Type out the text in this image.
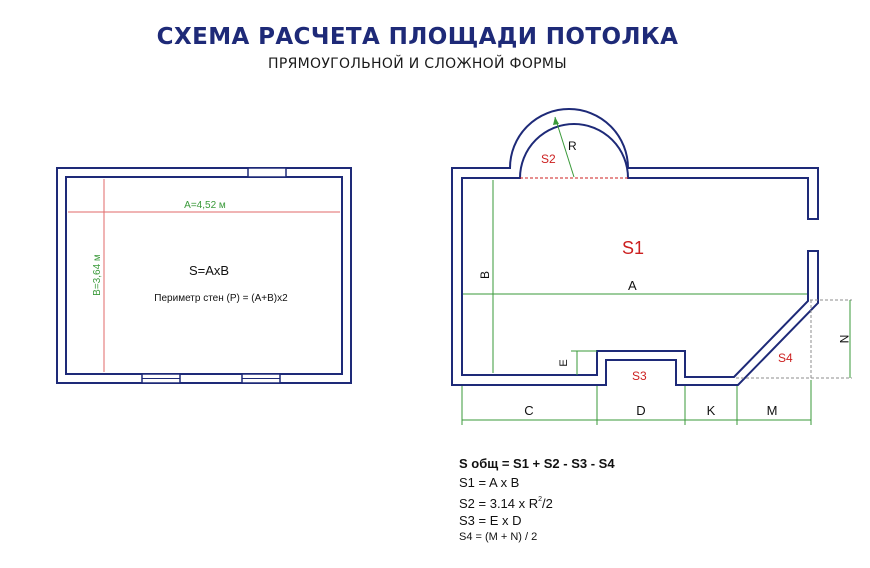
СХЕМА РАСЧЕТА ПЛОЩАДИ ПОТОЛКА
ПРЯМОУГОЛЬНОЙ И СЛОЖНОЙ ФОРМЫ
A=4,52 м
B=3,64 м	S=AxB
Периметр стен (P) = (A+B)x2
R
S2
S1
A
B
E
S3
S4
N
C	D	K	M
S общ = S1 + S2 - S3 - S4
S1 = A x B
S2 = 3.14 x $R^2/2$
S3 = E x D
S4 = (M + N) / 2
